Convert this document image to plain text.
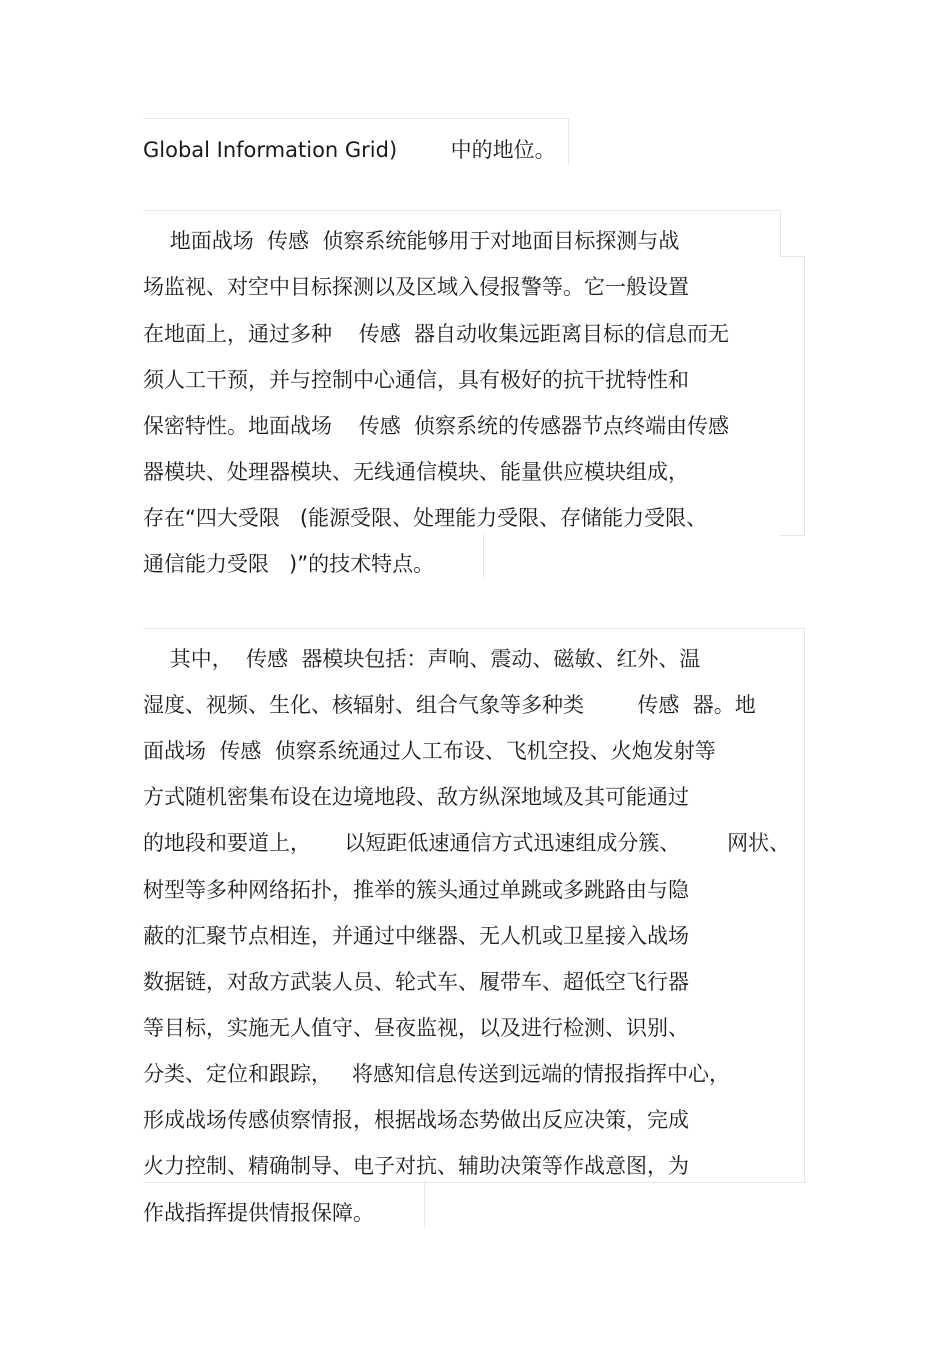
Global Information Grid)        中的地位。

地面战场  传感  侦察系统能够用于对地面目标探测与战

场监视、对空中目标探测以及区域入侵报警等。它一般设置

在地面上，通过多种    传感  器自动收集远距离目标的信息而无

须人工干预，并与控制中心通信，具有极好的抗干扰特性和

保密特性。地面战场    传感  侦察系统的传感器节点终端由传感

器模块、处理器模块、无线通信模块、能量供应模块组成，

存在“四大受限   (能源受限、处理能力受限、存储能力受限、

通信能力受限   )”的技术特点。

其中，  传感  器模块包括：声响、震动、磁敏、红外、温

湿度、视频、生化、核辐射、组合气象等多种类        传感  器。地

面战场  传感  侦察系统通过人工布设、飞机空投、火炮发射等

方式随机密集布设在边境地段、敌方纵深地域及其可能通过

的地段和要道上，     以短距低速通信方式迅速组成分簇、       网状、

树型等多种网络拓扑，推举的簇头通过单跳或多跳路由与隐

蔽的汇聚节点相连，并通过中继器、无人机或卫星接入战场

数据链，对敌方武装人员、轮式车、履带车、超低空飞行器

等目标，实施无人值守、昼夜监视，以及进行检测、识别、

分类、定位和跟踪，   将感知信息传送到远端的情报指挥中心，

形成战场传感侦察情报，根据战场态势做出反应决策，完成

火力控制、精确制导、电子对抗、辅助决策等作战意图，为

作战指挥提供情报保障。
